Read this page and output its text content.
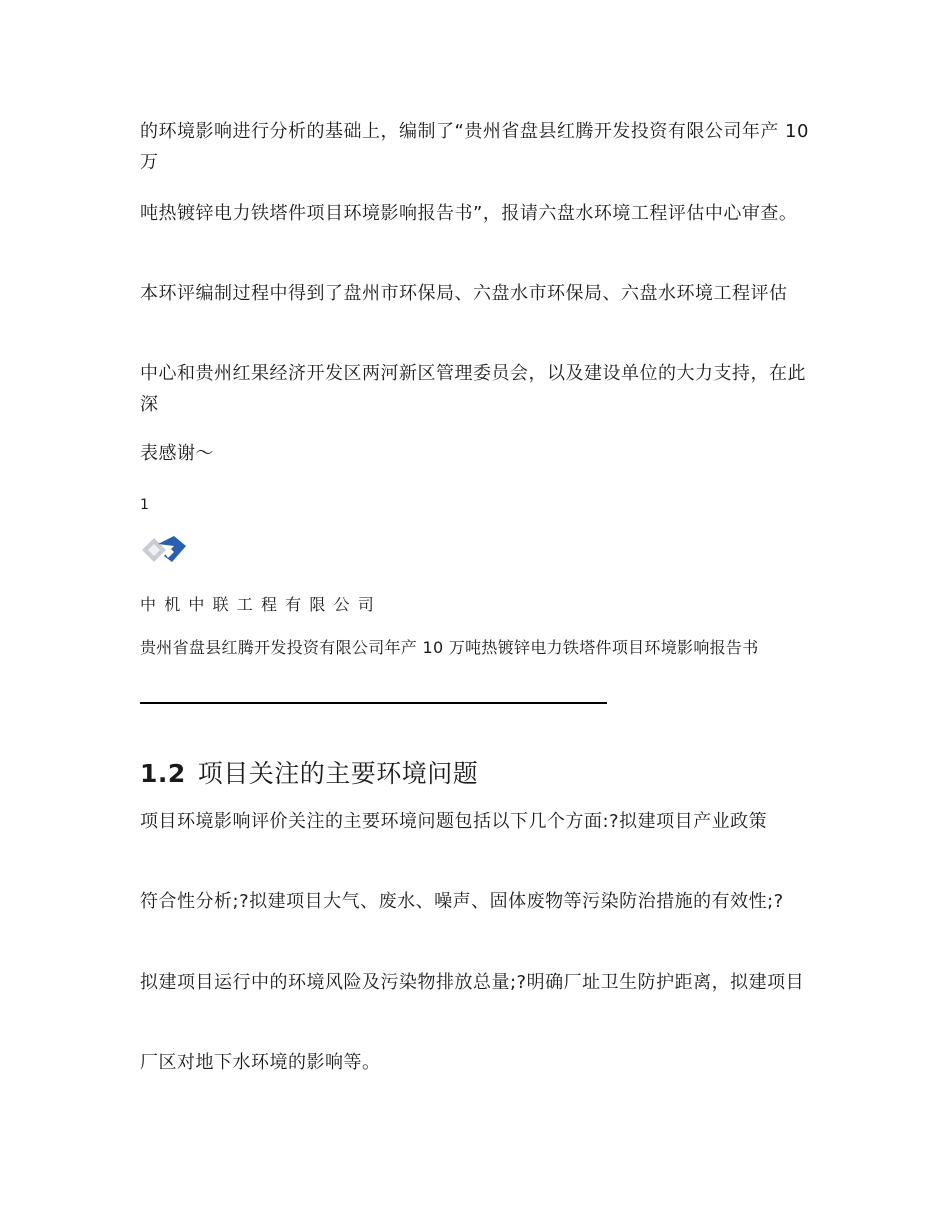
的环境影响进行分析的基础上，编制了“贵州省盘县红腾开发投资有限公司年产 10 万

吨热镀锌电力铁塔件项目环境影响报告书”，报请六盘水环境工程评估中心审查。

本环评编制过程中得到了盘州市环保局、六盘水市环保局、六盘水环境工程评估

中心和贵州红果经济开发区两河新区管理委员会，以及建设单位的大力支持，在此深

表感谢～

1

中机中联工程有限公司

贵州省盘县红腾开发投资有限公司年产 10 万吨热镀锌电力铁塔件项目环境影响报告书

1.2 项目关注的主要环境问题

项目环境影响评价关注的主要环境问题包括以下几个方面:?拟建项目产业政策

符合性分析;?拟建项目大气、废水、噪声、固体废物等污染防治措施的有效性;?

拟建项目运行中的环境风险及污染物排放总量;?明确厂址卫生防护距离，拟建项目

厂区对地下水环境的影响等。
